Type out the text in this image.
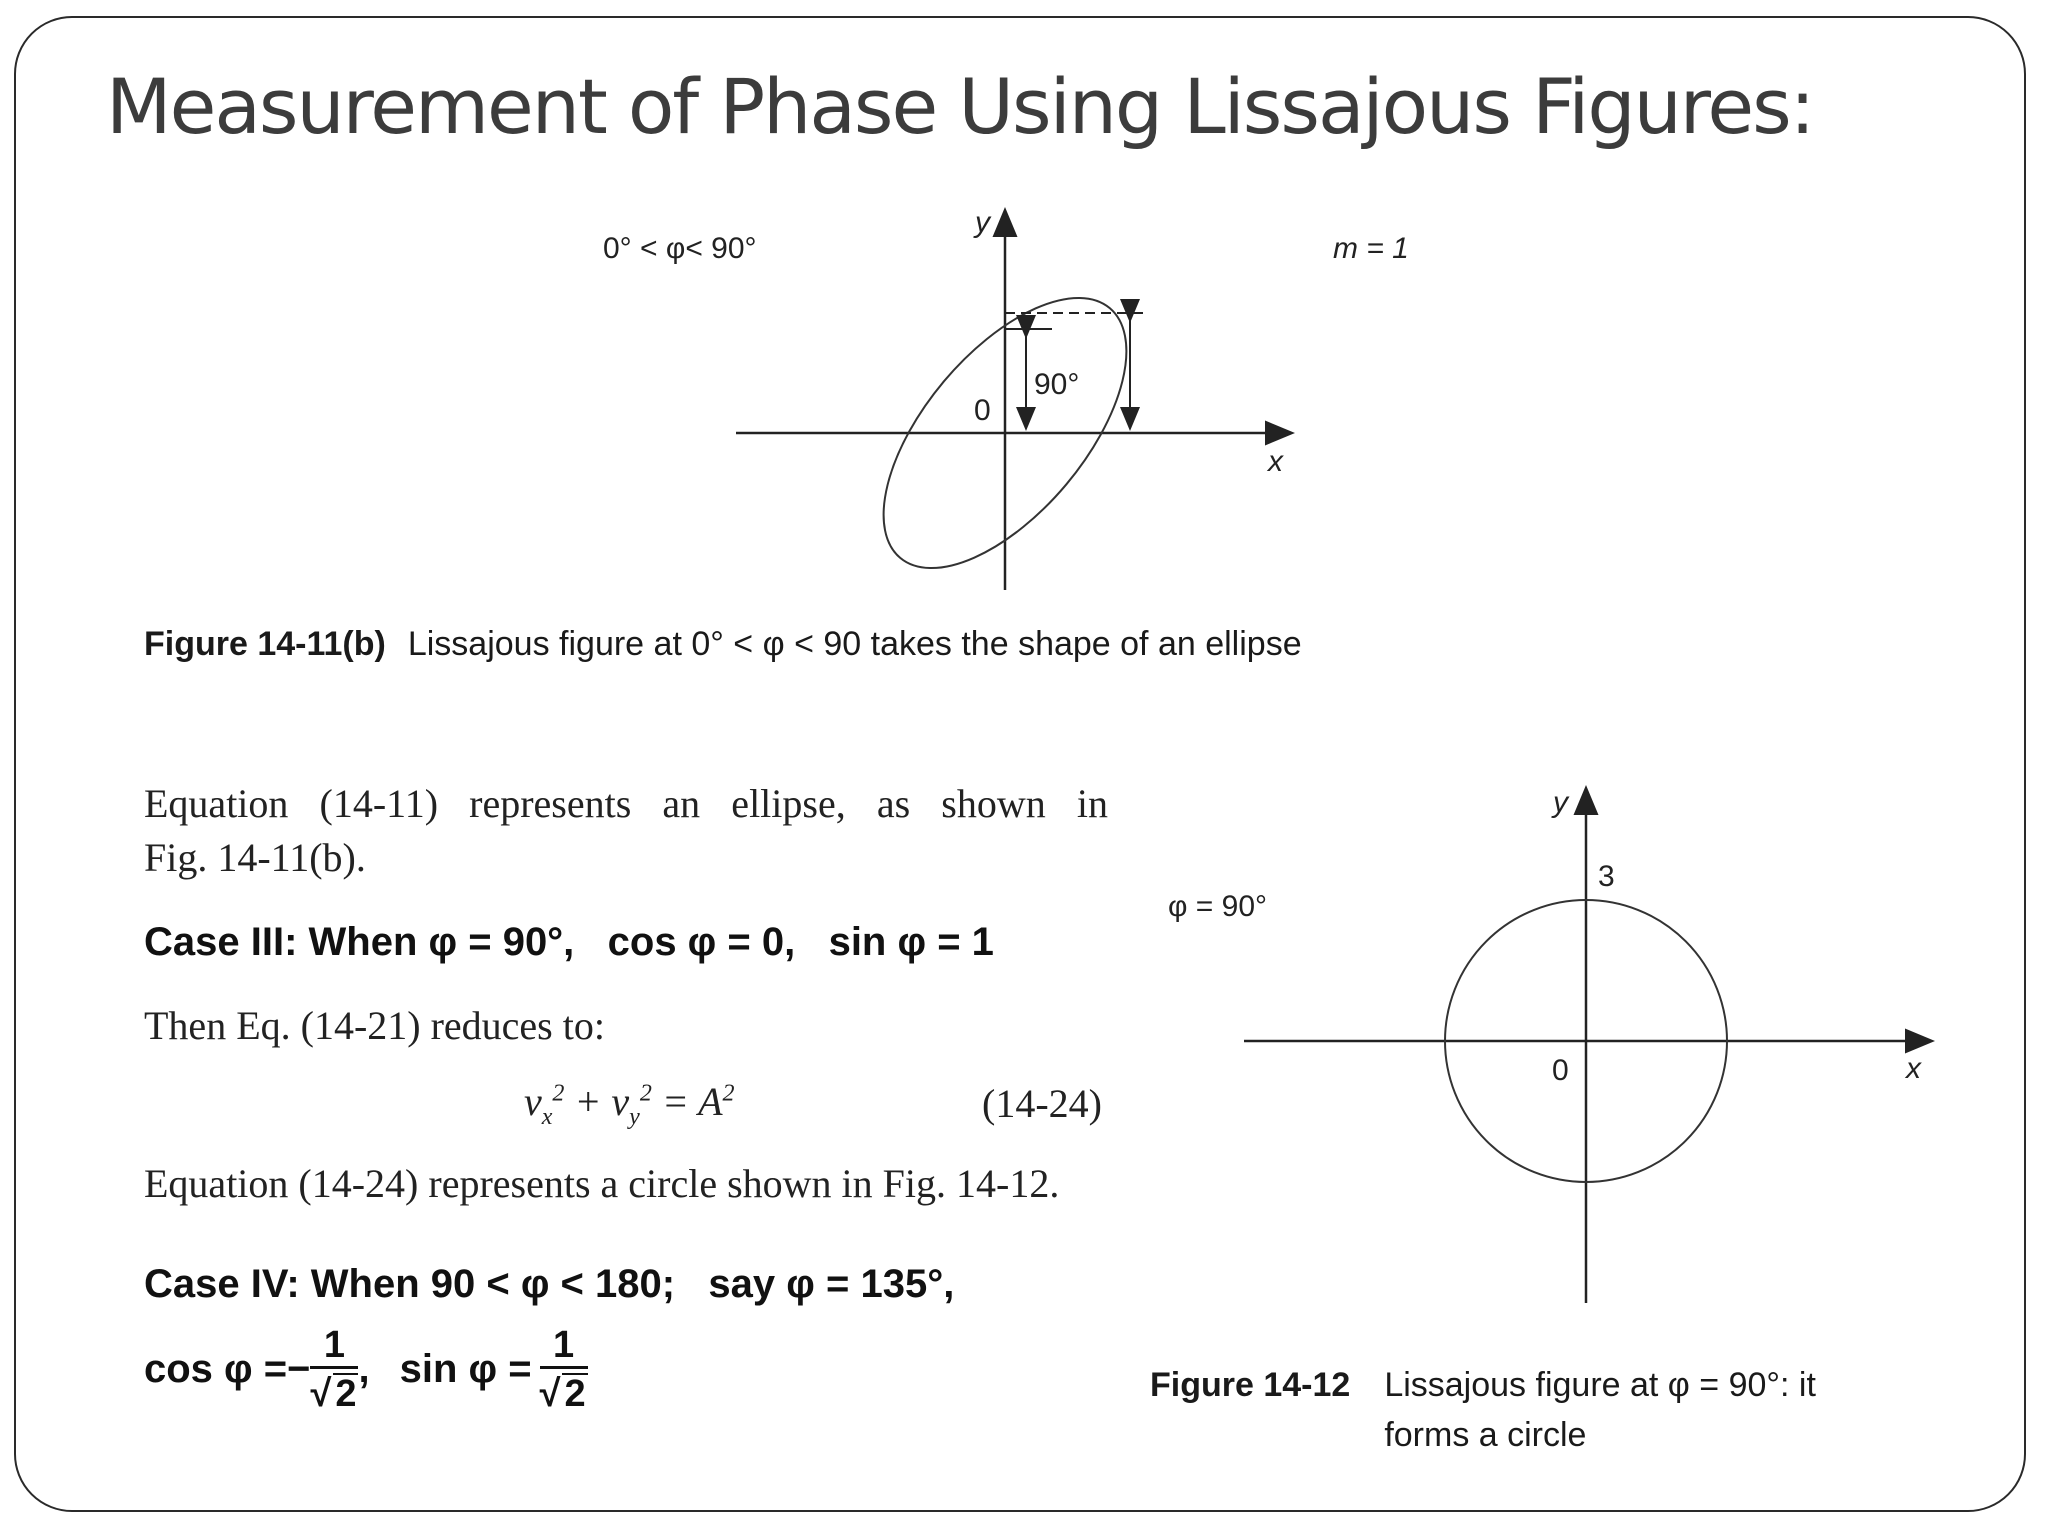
Measurement of Phase Using Lissajous Figures:
0° < φ< 90°	m = 1
y
x
0
90°
Figure 14-11(b) Lissajous figure at 0° < φ < 90 takes the shape of an ellipse
Equation (14-11) represents an ellipse, as shown in
Fig. 14-11(b).
Case III: When φ = 90°,   cos φ = 0,   sin φ = 1
Then Eq. (14-21) reduces to:
$v_x^2 + v_y^2 = A^2$	(14-24)
Equation (14-24) represents a circle shown in Fig. 14-12.
Case IV: When 90 < φ < 180;   say φ = 135°,
$\cos \varphi =- \frac{1}{√ 2}$ , $\sin \varphi = \frac{1}{√ 2}$
φ = 90°
y
x
0
3
Figure 14-12 Lissajous figure at φ = 90°: it
forms a circle
